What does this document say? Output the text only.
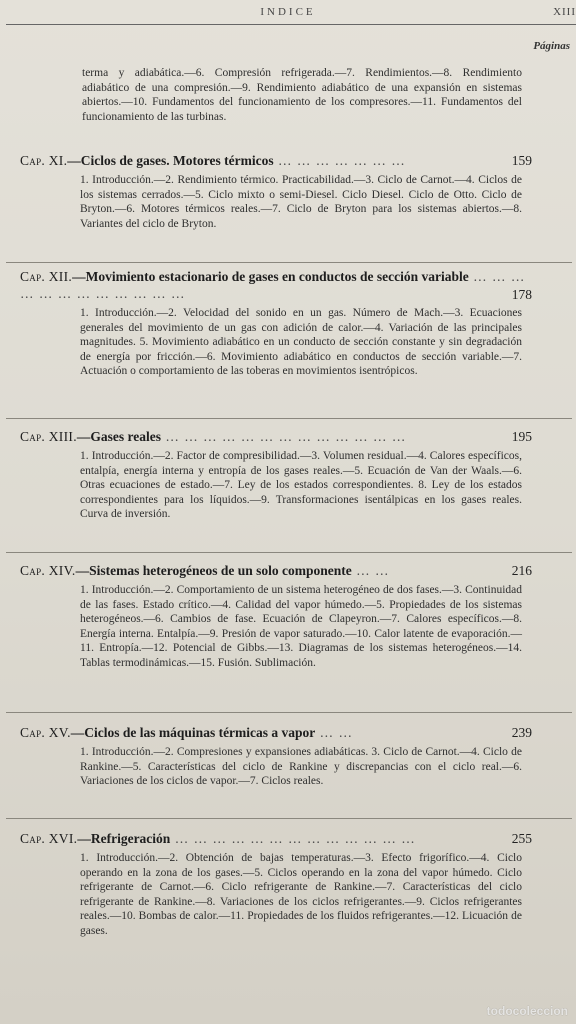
INDICE	XIII
Páginas
terma y adiabática.—6. Compresión refrigerada.—7. Rendimientos.—8. Rendimiento adiabático de una compresión.—9. Rendimiento adiabático de una expansión en sistemas abiertos.—10. Fundamentos del funcionamiento de los compresores.—11. Fundamentos del funcionamiento de las turbinas.
Cap. XI.—Ciclos de gases. Motores térmicos … … … … … … …	159
1. Introducción.—2. Rendimiento térmico. Practicabilidad.—3. Ciclo de Carnot.—4. Ciclos de los sistemas cerrados.—5. Ciclo mixto o semi-Diesel. Ciclo Diesel. Ciclo de Otto. Ciclo de Bryton.—6. Motores térmicos reales.—7. Ciclo de Bryton para los sistemas abiertos.—8. Variantes del ciclo de Bryton.
Cap. XII.—Movimiento estacionario de gases en conductos de sección variable … … … … … … … … … … … …	178
1. Introducción.—2. Velocidad del sonido en un gas. Número de Mach.—3. Ecuaciones generales del movimiento de un gas con adición de calor.—4. Variación de las principales magnitudes. 5. Movimiento adiabático en un conducto de sección constante y sin degradación de energía por fricción.—6. Movimiento adiabático en conductos de sección variable.—7. Actuación o comportamiento de las toberas en movimientos isentrópicos.
Cap. XIII.—Gases reales … … … … … … … … … … … … …	195
1. Introducción.—2. Factor de compresibilidad.—3. Volumen residual.—4. Calores específicos, entalpía, energía interna y entropía de los gases reales.—5. Ecuación de Van der Waals.—6. Otras ecuaciones de estado.—7. Ley de los estados correspondientes. 8. Ley de los estados correspondientes para los líquidos.—9. Transformaciones isentálpicas en los gases reales. Curva de inversión.
Cap. XIV.—Sistemas heterogéneos de un solo componente … …	216
1. Introducción.—2. Comportamiento de un sistema heterogéneo de dos fases.—3. Continuidad de las fases. Estado crítico.—4. Calidad del vapor húmedo.—5. Propiedades de los sistemas heterogéneos.—6. Cambios de fase. Ecuación de Clapeyron.—7. Calores específicos.—8. Energía interna. Entalpía.—9. Presión de vapor saturado.—10. Calor latente de evaporación.—11. Entropía.—12. Potencial de Gibbs.—13. Diagramas de los sistemas heterogéneos.—14. Tablas termodinámicas.—15. Fusión. Sublimación.
Cap. XV.—Ciclos de las máquinas térmicas a vapor … …	239
1. Introducción.—2. Compresiones y expansiones adiabáticas. 3. Ciclo de Carnot.—4. Ciclo de Rankine.—5. Características del ciclo de Rankine y discrepancias con el ciclo real.—6. Variaciones de los ciclos de vapor.—7. Ciclos reales.
Cap. XVI.—Refrigeración … … … … … … … … … … … … …	255
1. Introducción.—2. Obtención de bajas temperaturas.—3. Efecto frigorífico.—4. Ciclo operando en la zona de los gases.—5. Ciclos operando en la zona del vapor húmedo. Ciclo refrigerante de Carnot.—6. Ciclo refrigerante de Rankine.—7. Características del ciclo refrigerante de Rankine.—8. Variaciones de los ciclos refrigerantes.—9. Ciclos refrigerantes reales.—10. Bombas de calor.—11. Propiedades de los fluidos refrigerantes.—12. Licuación de gases.
todocoleccion
